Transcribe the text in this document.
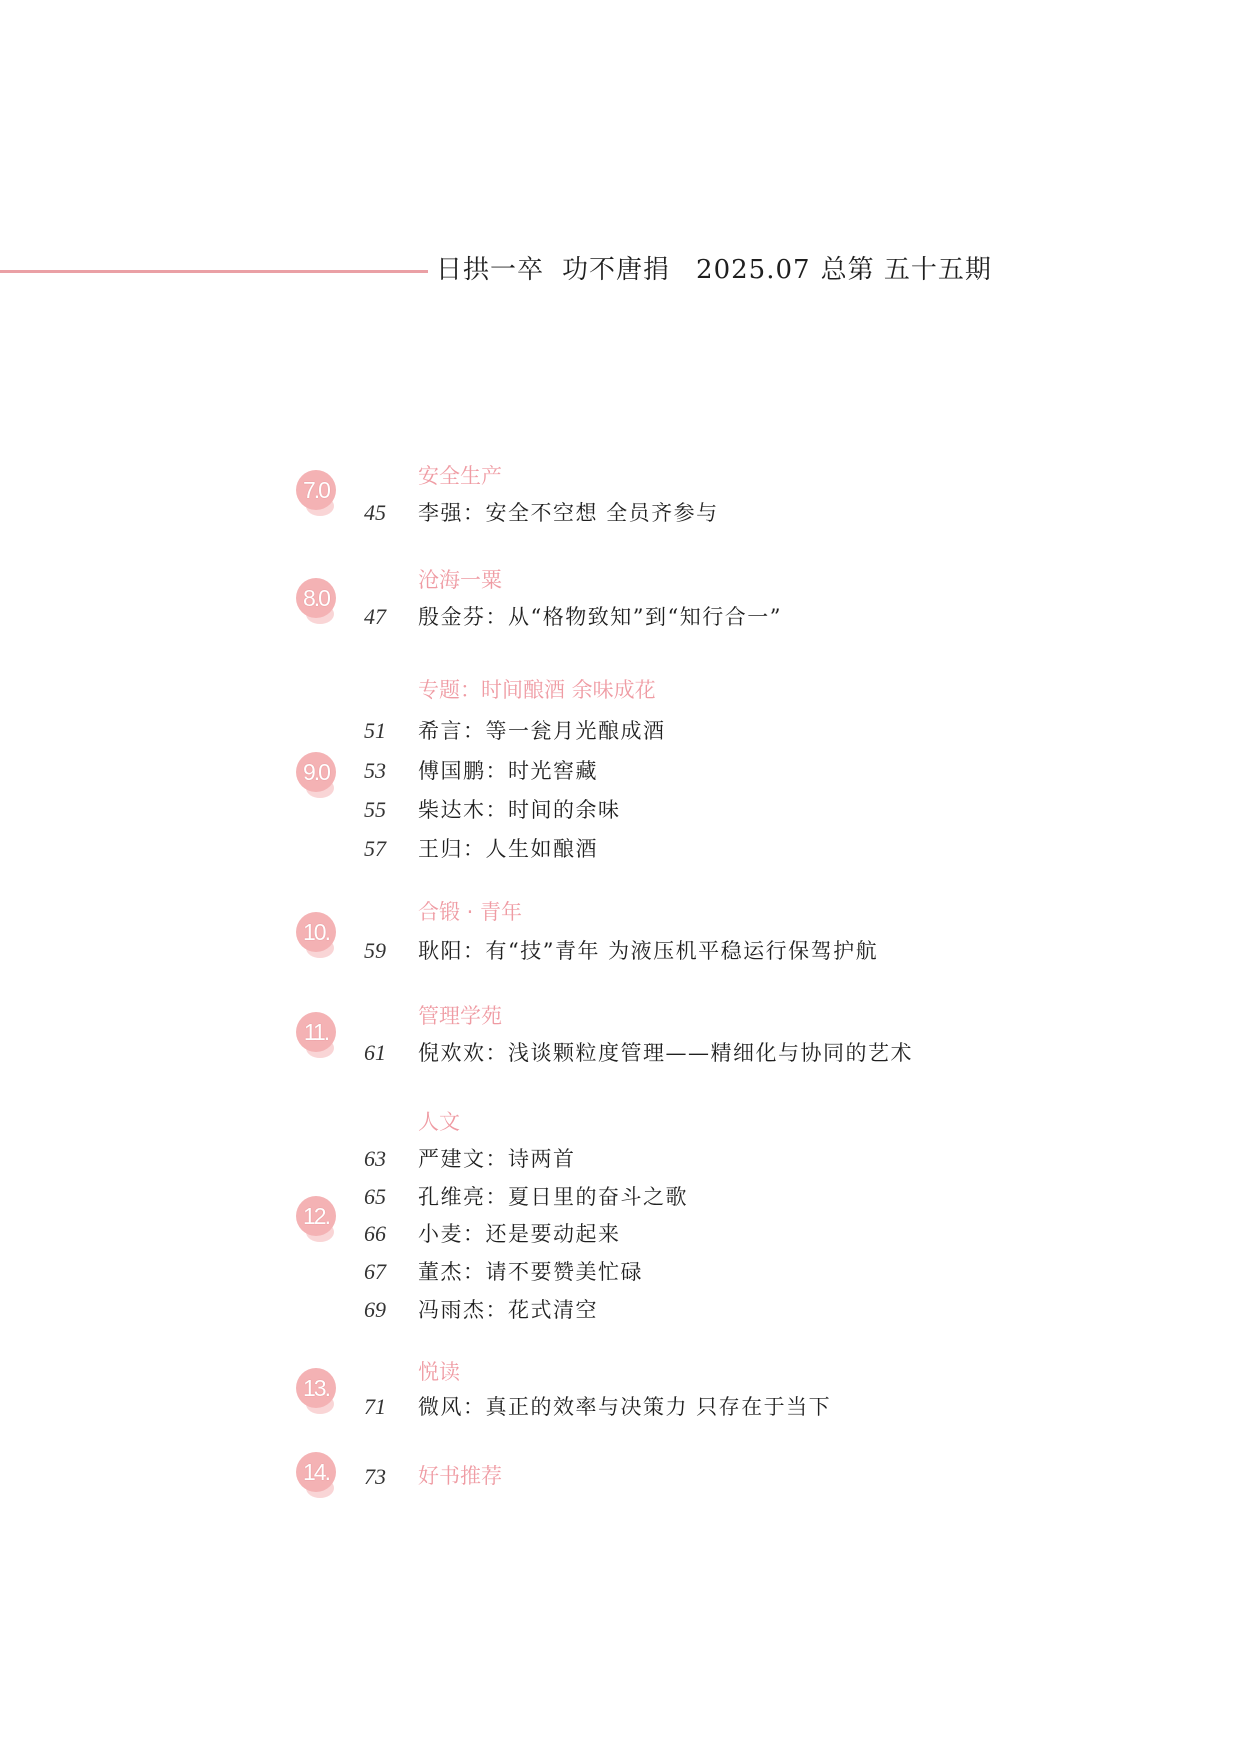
日拱一卒 功不唐捐 2025.07 总第 五十五期
7.0
安全生产
45	李强：安全不空想 全员齐参与
8.0
沧海一粟
47	殷金芬：从“格物致知”到“知行合一”
9.0
专题：时间酿酒 余味成花
51	希言：等一瓮月光酿成酒
53	傅国鹏：时光窖藏
55	柴达木：时间的余味
57	王归：人生如酿酒
10.
合锻 · 青年
59	耿阳：有“技”青年 为液压机平稳运行保驾护航
11.
管理学苑
61	倪欢欢：浅谈颗粒度管理——精细化与协同的艺术
12.
人文
63	严建文：诗两首
65	孔维亮：夏日里的奋斗之歌
66	小麦：还是要动起来
67	董杰：请不要赞美忙碌
69	冯雨杰：花式清空
13.
悦读
71	微风：真正的效率与决策力 只存在于当下
14.	73	好书推荐
